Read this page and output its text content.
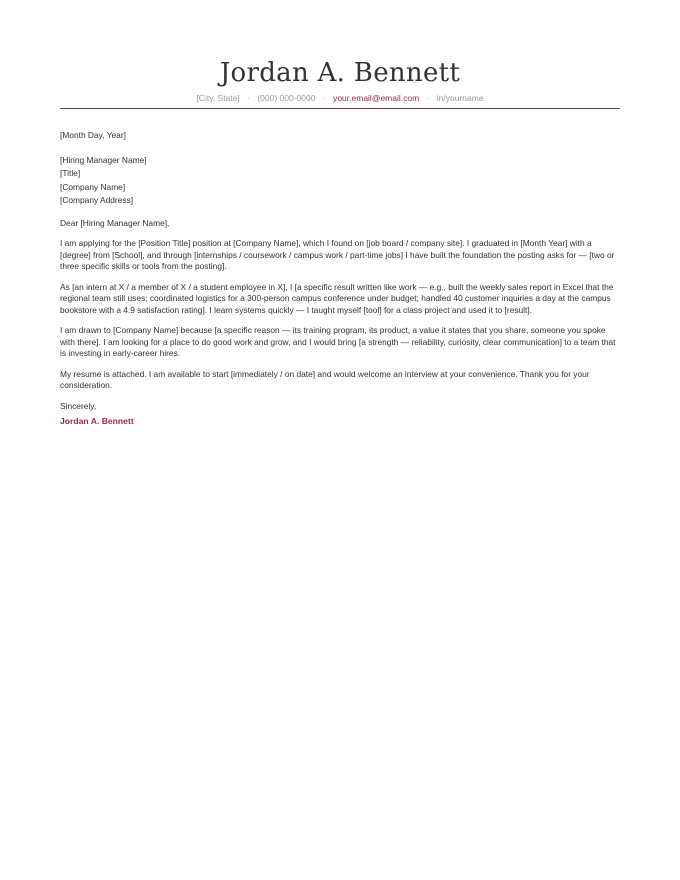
Jordan A. Bennett
[City, State] · (000) 000-0000 · your.email@email.com · in/yourname

[Month Day, Year]

[Hiring Manager Name]
[Title]
[Company Name]
[Company Address]

Dear [Hiring Manager Name],

I am applying for the [Position Title] position at [Company Name], which I found on [job board / company site]. I graduated in [Month Year] with a [degree] from [School], and through [internships / coursework / campus work / part-time jobs] I have built the foundation the posting asks for — [two or three specific skills or tools from the posting].

As [an intern at X / a member of X / a student employee in X], I [a specific result written like work — e.g., built the weekly sales report in Excel that the regional team still uses; coordinated logistics for a 300-person campus conference under budget; handled 40 customer inquiries a day at the campus bookstore with a 4.9 satisfaction rating]. I learn systems quickly — I taught myself [tool] for a class project and used it to [result].

I am drawn to [Company Name] because [a specific reason — its training program, its product, a value it states that you share, someone you spoke with there]. I am looking for a place to do good work and grow, and I would bring [a strength — reliability, curiosity, clear communication] to a team that is investing in early-career hires.

My resume is attached. I am available to start [immediately / on date] and would welcome an interview at your convenience. Thank you for your consideration.

Sincerely,

Jordan A. Bennett
